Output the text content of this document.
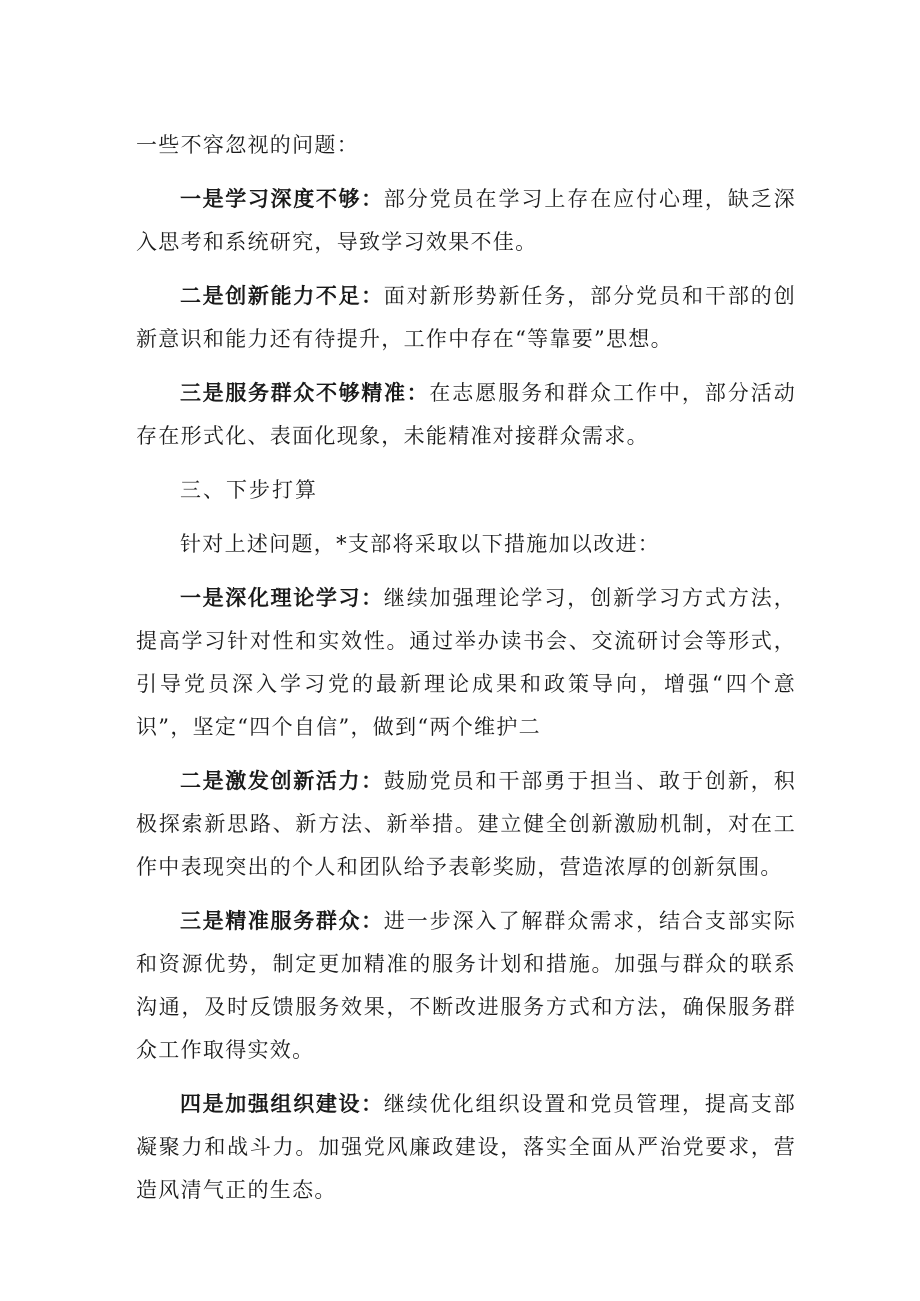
一些不容忽视的问题：

一是学习深度不够：部分党员在学习上存在应付心理，缺乏深入思考和系统研究，导致学习效果不佳。

二是创新能力不足：面对新形势新任务，部分党员和干部的创新意识和能力还有待提升，工作中存在“等靠要”思想。

三是服务群众不够精准：在志愿服务和群众工作中，部分活动存在形式化、表面化现象，未能精准对接群众需求。

三、下步打算

针对上述问题，*支部将采取以下措施加以改进：

一是深化理论学习：继续加强理论学习，创新学习方式方法，提高学习针对性和实效性。通过举办读书会、交流研讨会等形式，引导党员深入学习党的最新理论成果和政策导向，增强“四个意识”，坚定“四个自信”，做到“两个维护二

二是激发创新活力：鼓励党员和干部勇于担当、敢于创新，积极探索新思路、新方法、新举措。建立健全创新激励机制，对在工作中表现突出的个人和团队给予表彰奖励，营造浓厚的创新氛围。

三是精准服务群众：进一步深入了解群众需求，结合支部实际和资源优势，制定更加精准的服务计划和措施。加强与群众的联系沟通，及时反馈服务效果，不断改进服务方式和方法，确保服务群众工作取得实效。

四是加强组织建设：继续优化组织设置和党员管理，提高支部凝聚力和战斗力。加强党风廉政建设，落实全面从严治党要求，营造风清气正的生态。
